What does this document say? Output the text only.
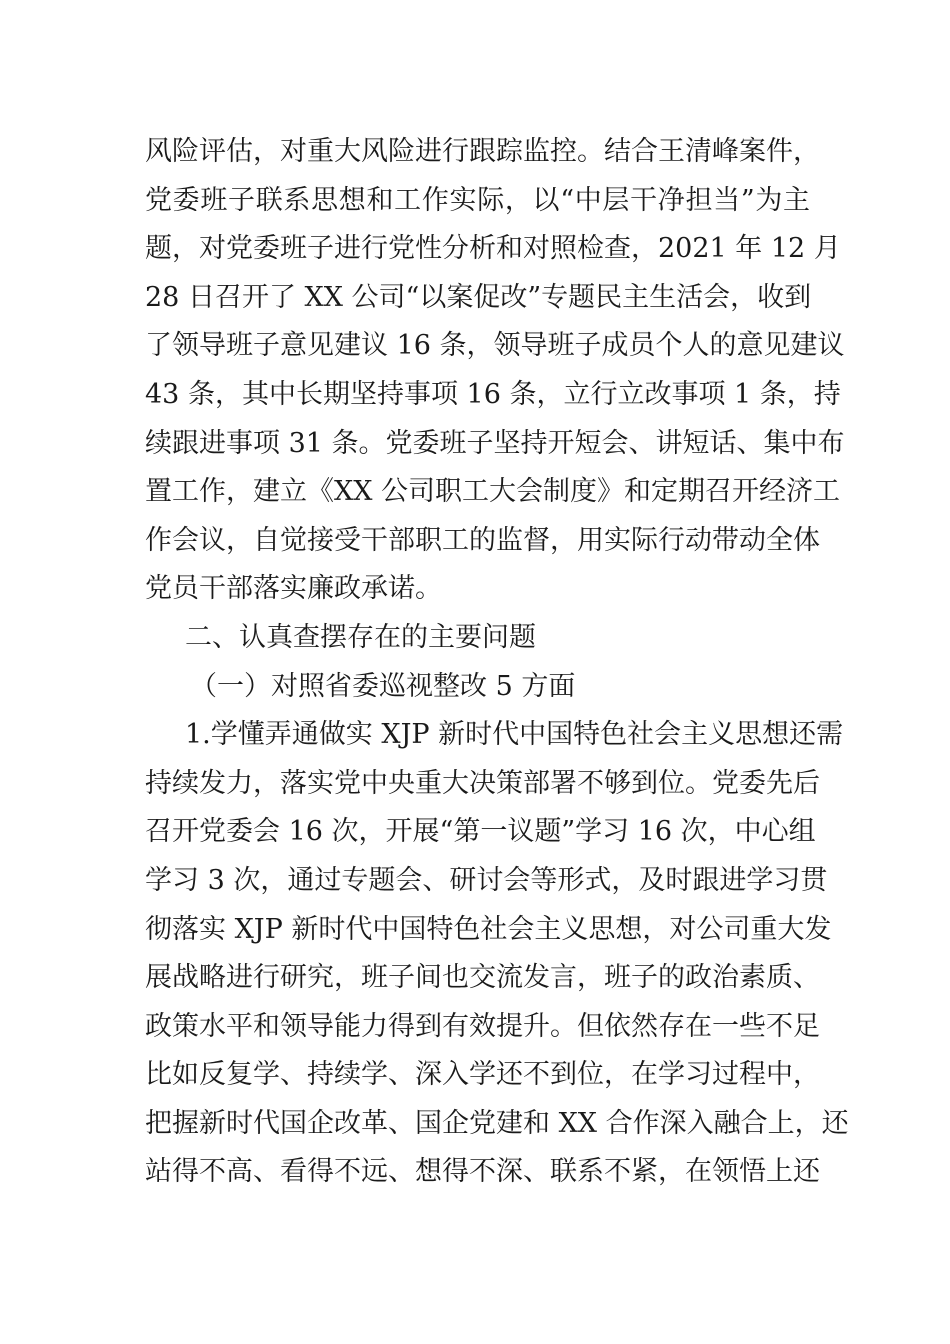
风险评估，对重大风险进行跟踪监控。结合王清峰案件，
党委班子联系思想和工作实际，以“中层干净担当”为主
题，对党委班子进行党性分析和对照检查，2021 年 12 月
28 日召开了 XX 公司“以案促改”专题民主生活会，收到
了领导班子意见建议 16 条，领导班子成员个人的意见建议
43 条，其中长期坚持事项 16 条，立行立改事项 1 条，持
续跟进事项 31 条。党委班子坚持开短会、讲短话、集中布
置工作，建立《XX 公司职工大会制度》和定期召开经济工
作会议，自觉接受干部职工的监督，用实际行动带动全体
党员干部落实廉政承诺。
二、认真查摆存在的主要问题
（一）对照省委巡视整改 5 方面
1.学懂弄通做实 XJP 新时代中国特色社会主义思想还需
持续发力，落实党中央重大决策部署不够到位。党委先后
召开党委会 16 次，开展“第一议题”学习 16 次，中心组
学习 3 次，通过专题会、研讨会等形式，及时跟进学习贯
彻落实 XJP 新时代中国特色社会主义思想，对公司重大发
展战略进行研究，班子间也交流发言，班子的政治素质、
政策水平和领导能力得到有效提升。但依然存在一些不足
比如反复学、持续学、深入学还不到位，在学习过程中，
把握新时代国企改革、国企党建和 XX 合作深入融合上，还
站得不高、看得不远、想得不深、联系不紧，在领悟上还
